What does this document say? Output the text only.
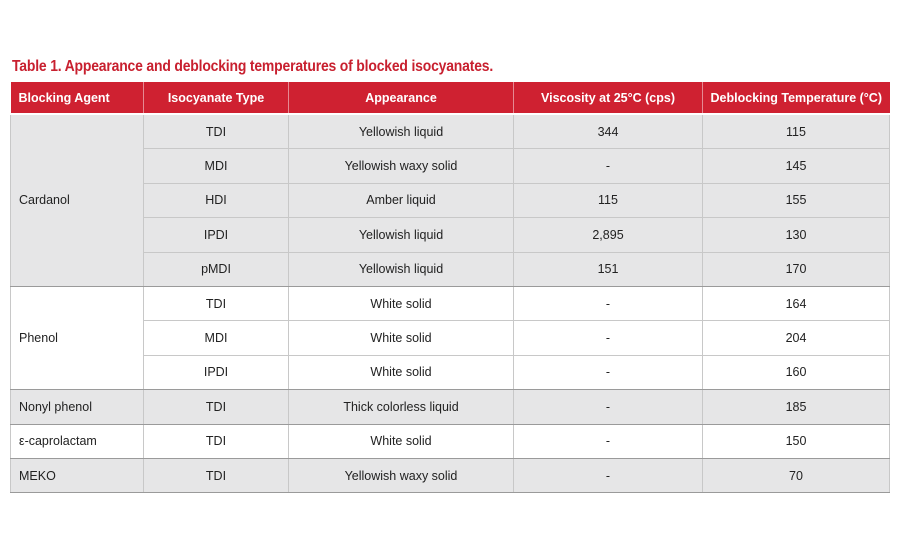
Table 1. Appearance and deblocking temperatures of blocked isocyanates.
Blocking Agent	Isocyanate Type	Appearance	Viscosity at 25°C (cps)	Deblocking Temperature (°C)
Cardanol	TDI	Yellowish liquid	344	115
	MDI	Yellowish waxy solid	-	145
	HDI	Amber liquid	115	155
	IPDI	Yellowish liquid	2,895	130
	pMDI	Yellowish liquid	151	170
Phenol	TDI	White solid	-	164
	MDI	White solid	-	204
	IPDI	White solid	-	160
Nonyl phenol	TDI	Thick colorless liquid	-	185
ε-caprolactam	TDI	White solid	-	150
MEKO	TDI	Yellowish waxy solid	-	70
